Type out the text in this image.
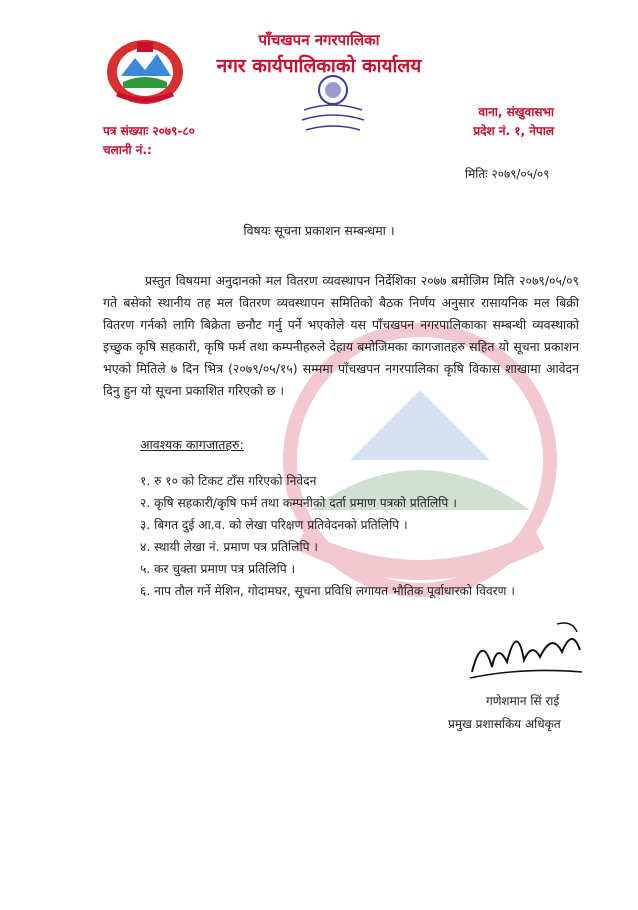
पाँचखपन नगरपालिका
नगर कार्यपालिकाको कार्यालय
वाना, संखुवासभा
प्रदेश नं. १, नेपाल
पत्र संख्याः २०७९-८०
चलानी नं.:
मितिः २०७९/०५/०९
विषयः सूचना प्रकाशन सम्बन्धमा ।

प्रस्तुत विषयमा अनुदानको मल वितरण व्यवस्थापन निर्देशिका २०७७ बमोजिम मिति २०७९/०५/०९ गते बसेको स्थानीय तह मल वितरण व्यवस्थापन समितिको बैठक निर्णय अनुसार रासायनिक मल बिक्री वितरण गर्नको लागि बिक्रेता छनौट गर्नु पर्ने भएकोले यस पाँचखपन नगरपालिकाका सम्बन्धी व्यवस्थाको इच्छुक कृषि सहकारी, कृषि फर्म तथा कम्पनीहरुले देहाय बमोजिमका कागजातहरु सहित यो सूचना प्रकाशन भएको मितिले ७ दिन भित्र (२०७९/०५/१५) सम्ममा पाँचखपन नगरपालिका कृषि विकास शाखामा आवेदन दिनु हुन यो सूचना प्रकाशित गरिएको छ ।

आवश्यक कागजातहरु:
१. रु १० को टिकट टाँस गरिएको निवेदन
२. कृषि सहकारी/कृषि फर्म तथा कम्पनीको दर्ता प्रमाण पत्रको प्रतिलिपि ।
३. बिगत दुई आ.व. को लेखा परिक्षण प्रतिवेदनको प्रतिलिपि ।
४. स्थायी लेखा नं. प्रमाण पत्र प्रतिलिपि ।
५. कर चुक्ता प्रमाण पत्र प्रतिलिपि ।
६. नाप तौल गर्ने मेशिन, गोदामघर, सूचना प्रविधि लगायत भौतिक पूर्वाधारको विवरण ।
गणेशमान सिं राई
प्रमुख प्रशासकिय अधिकृत
